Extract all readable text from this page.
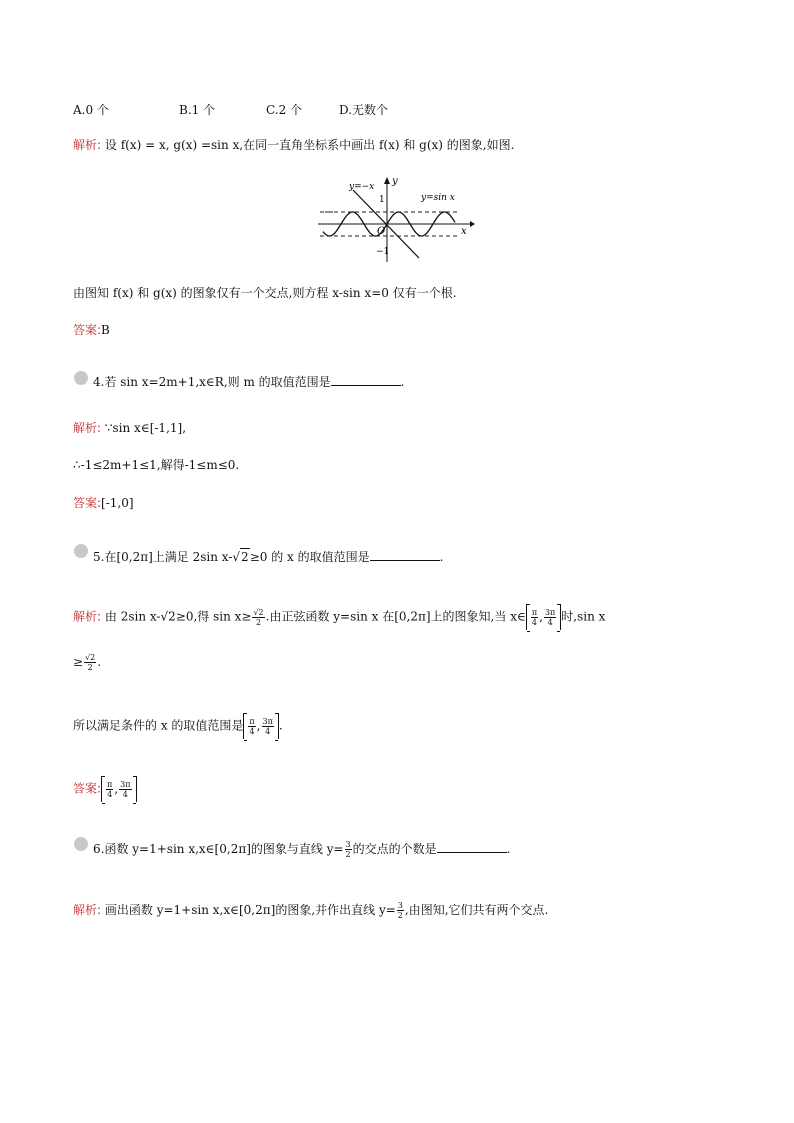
A.0 个	B.1 个	C.2 个	D.无数个
解析: 设 f(x) = x, g(x) =sin x,在同一直角坐标系中画出 f(x) 和 g(x) 的图象,如图.
y=−x
y=sin x
y
x
1
−1
O
由图知 f(x) 和 g(x) 的图象仅有一个交点,则方程 x-sin x=0 仅有一个根.
答案:B
4.若 sin x=2m+1,x∈R,则 m 的取值范围是	.
解析: ∵sin x∈[-1,1],
∴-1≤2m+1≤1,解得-1≤m≤0.
答案:[-1,0]
5.在[0,2π]上满足 2sin x-√2≥0 的 x 的取值范围是	.
解析: 由 2sin x-√2≥0,得 $\sin x\ge \frac{√2}{2}$ .由正弦函数 y=sin x 在[0,2π]上的图象知,当 x∈ $\frac{\pi}{4}$ , $\frac{3\pi}{4}$ 时,sin x
≥ $\frac{√2}{2}$ .
所以满足条件的 x 的取值范围是 $\frac{\pi}{4}$ , $\frac{3\pi}{4}$ .
答案: $\frac{\pi}{4}$ , $\frac{3\pi}{4}$
6.函数 y=1+sin x,x∈[0,2π]的图象与直线 $y= \frac{3}{2}$ 的交点的个数是	.
解析: 画出函数 y=1+sin x,x∈[0,2π]的图象,并作出直线 $y= \frac{3}{2}$ ,由图知,它们共有两个交点.
